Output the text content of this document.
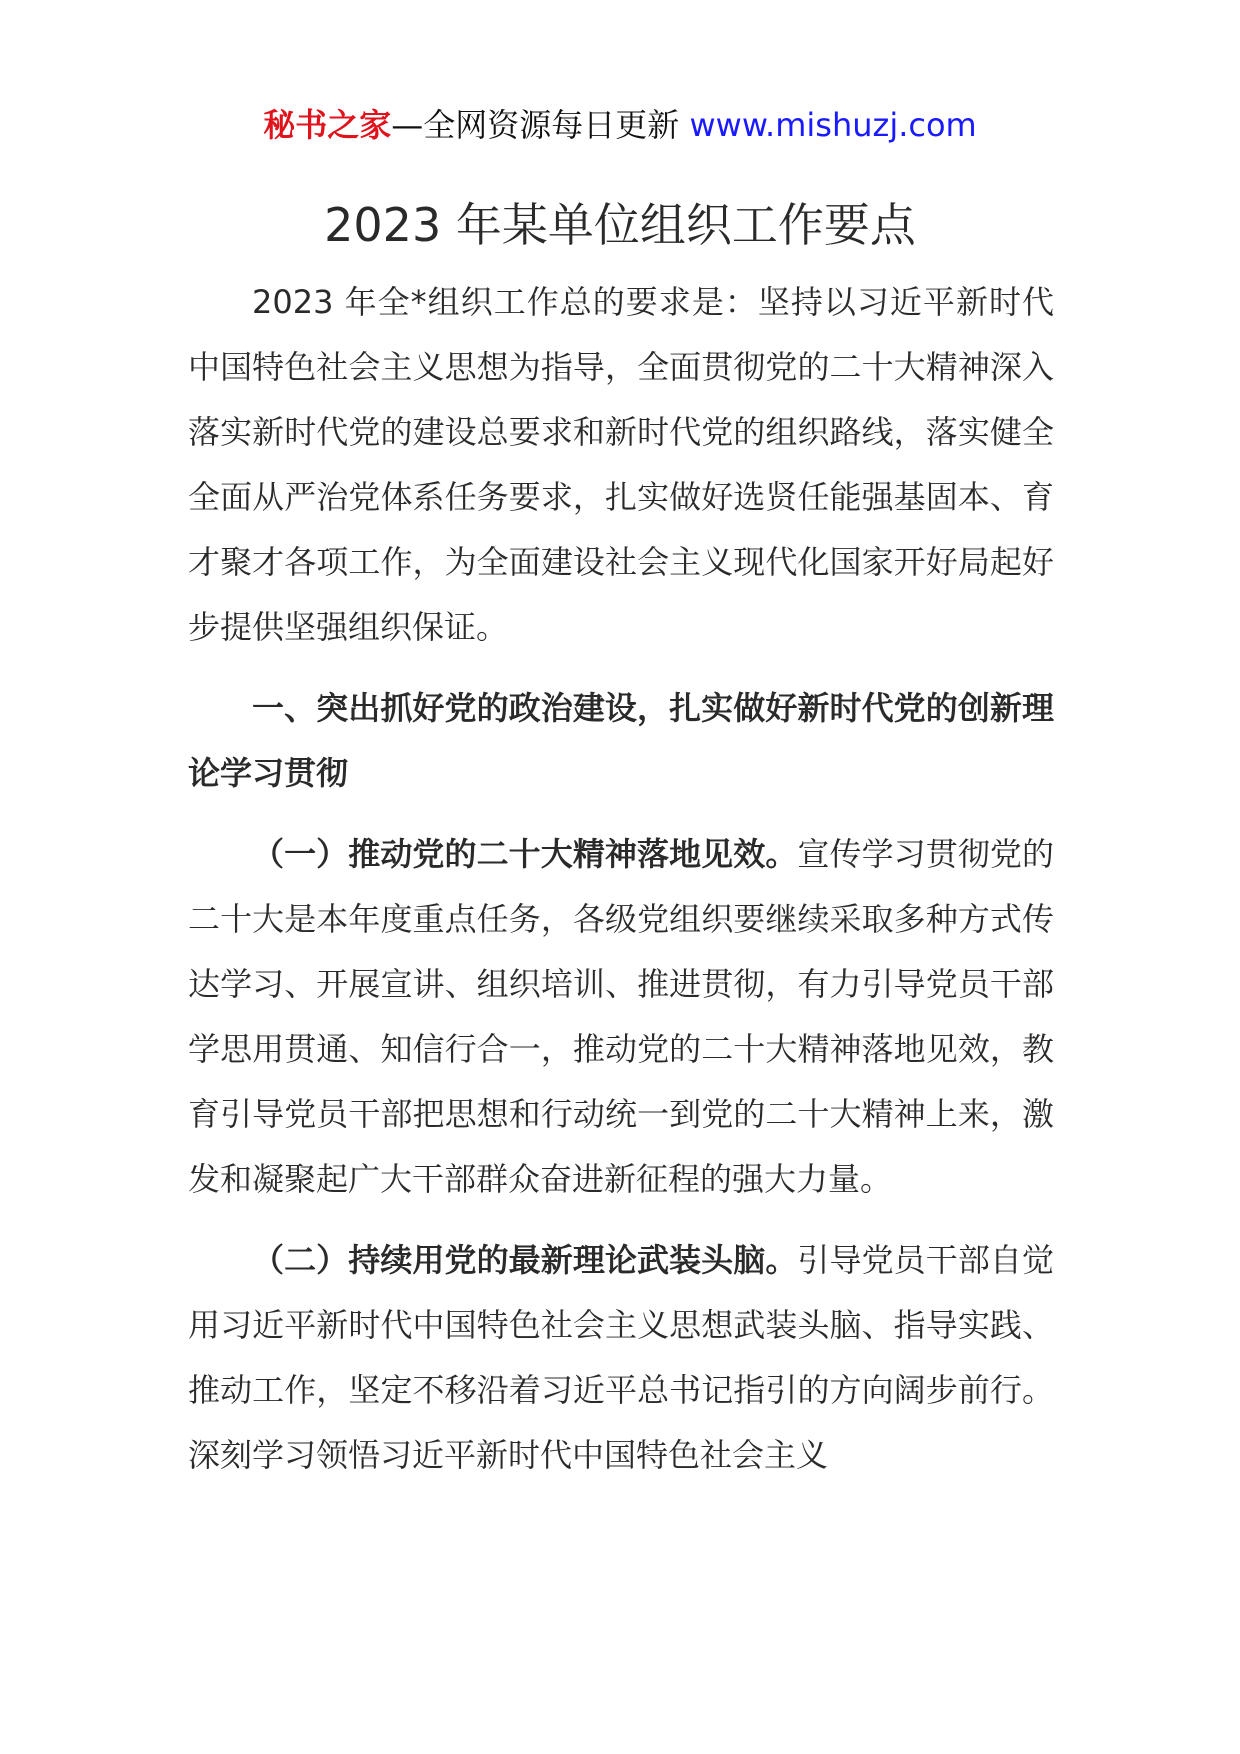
秘书之家—全网资源每日更新 www.mishuzj.com
2023 年某单位组织工作要点

2023 年全*组织工作总的要求是：坚持以习近平新时代中国特色社会主义思想为指导，全面贯彻党的二十大精神深入落实新时代党的建设总要求和新时代党的组织路线，落实健全全面从严治党体系任务要求，扎实做好选贤任能强基固本、育才聚才各项工作，为全面建设社会主义现代化国家开好局起好步提供坚强组织保证。

一、突出抓好党的政治建设，扎实做好新时代党的创新理论学习贯彻

（一）推动党的二十大精神落地见效。宣传学习贯彻党的二十大是本年度重点任务，各级党组织要继续采取多种方式传达学习、开展宣讲、组织培训、推进贯彻，有力引导党员干部学思用贯通、知信行合一，推动党的二十大精神落地见效，教育引导党员干部把思想和行动统一到党的二十大精神上来，激发和凝聚起广大干部群众奋进新征程的强大力量。

（二）持续用党的最新理论武装头脑。引导党员干部自觉用习近平新时代中国特色社会主义思想武装头脑、指导实践、推动工作，坚定不移沿着习近平总书记指引的方向阔步前行。深刻学习领悟习近平新时代中国特色社会主义
